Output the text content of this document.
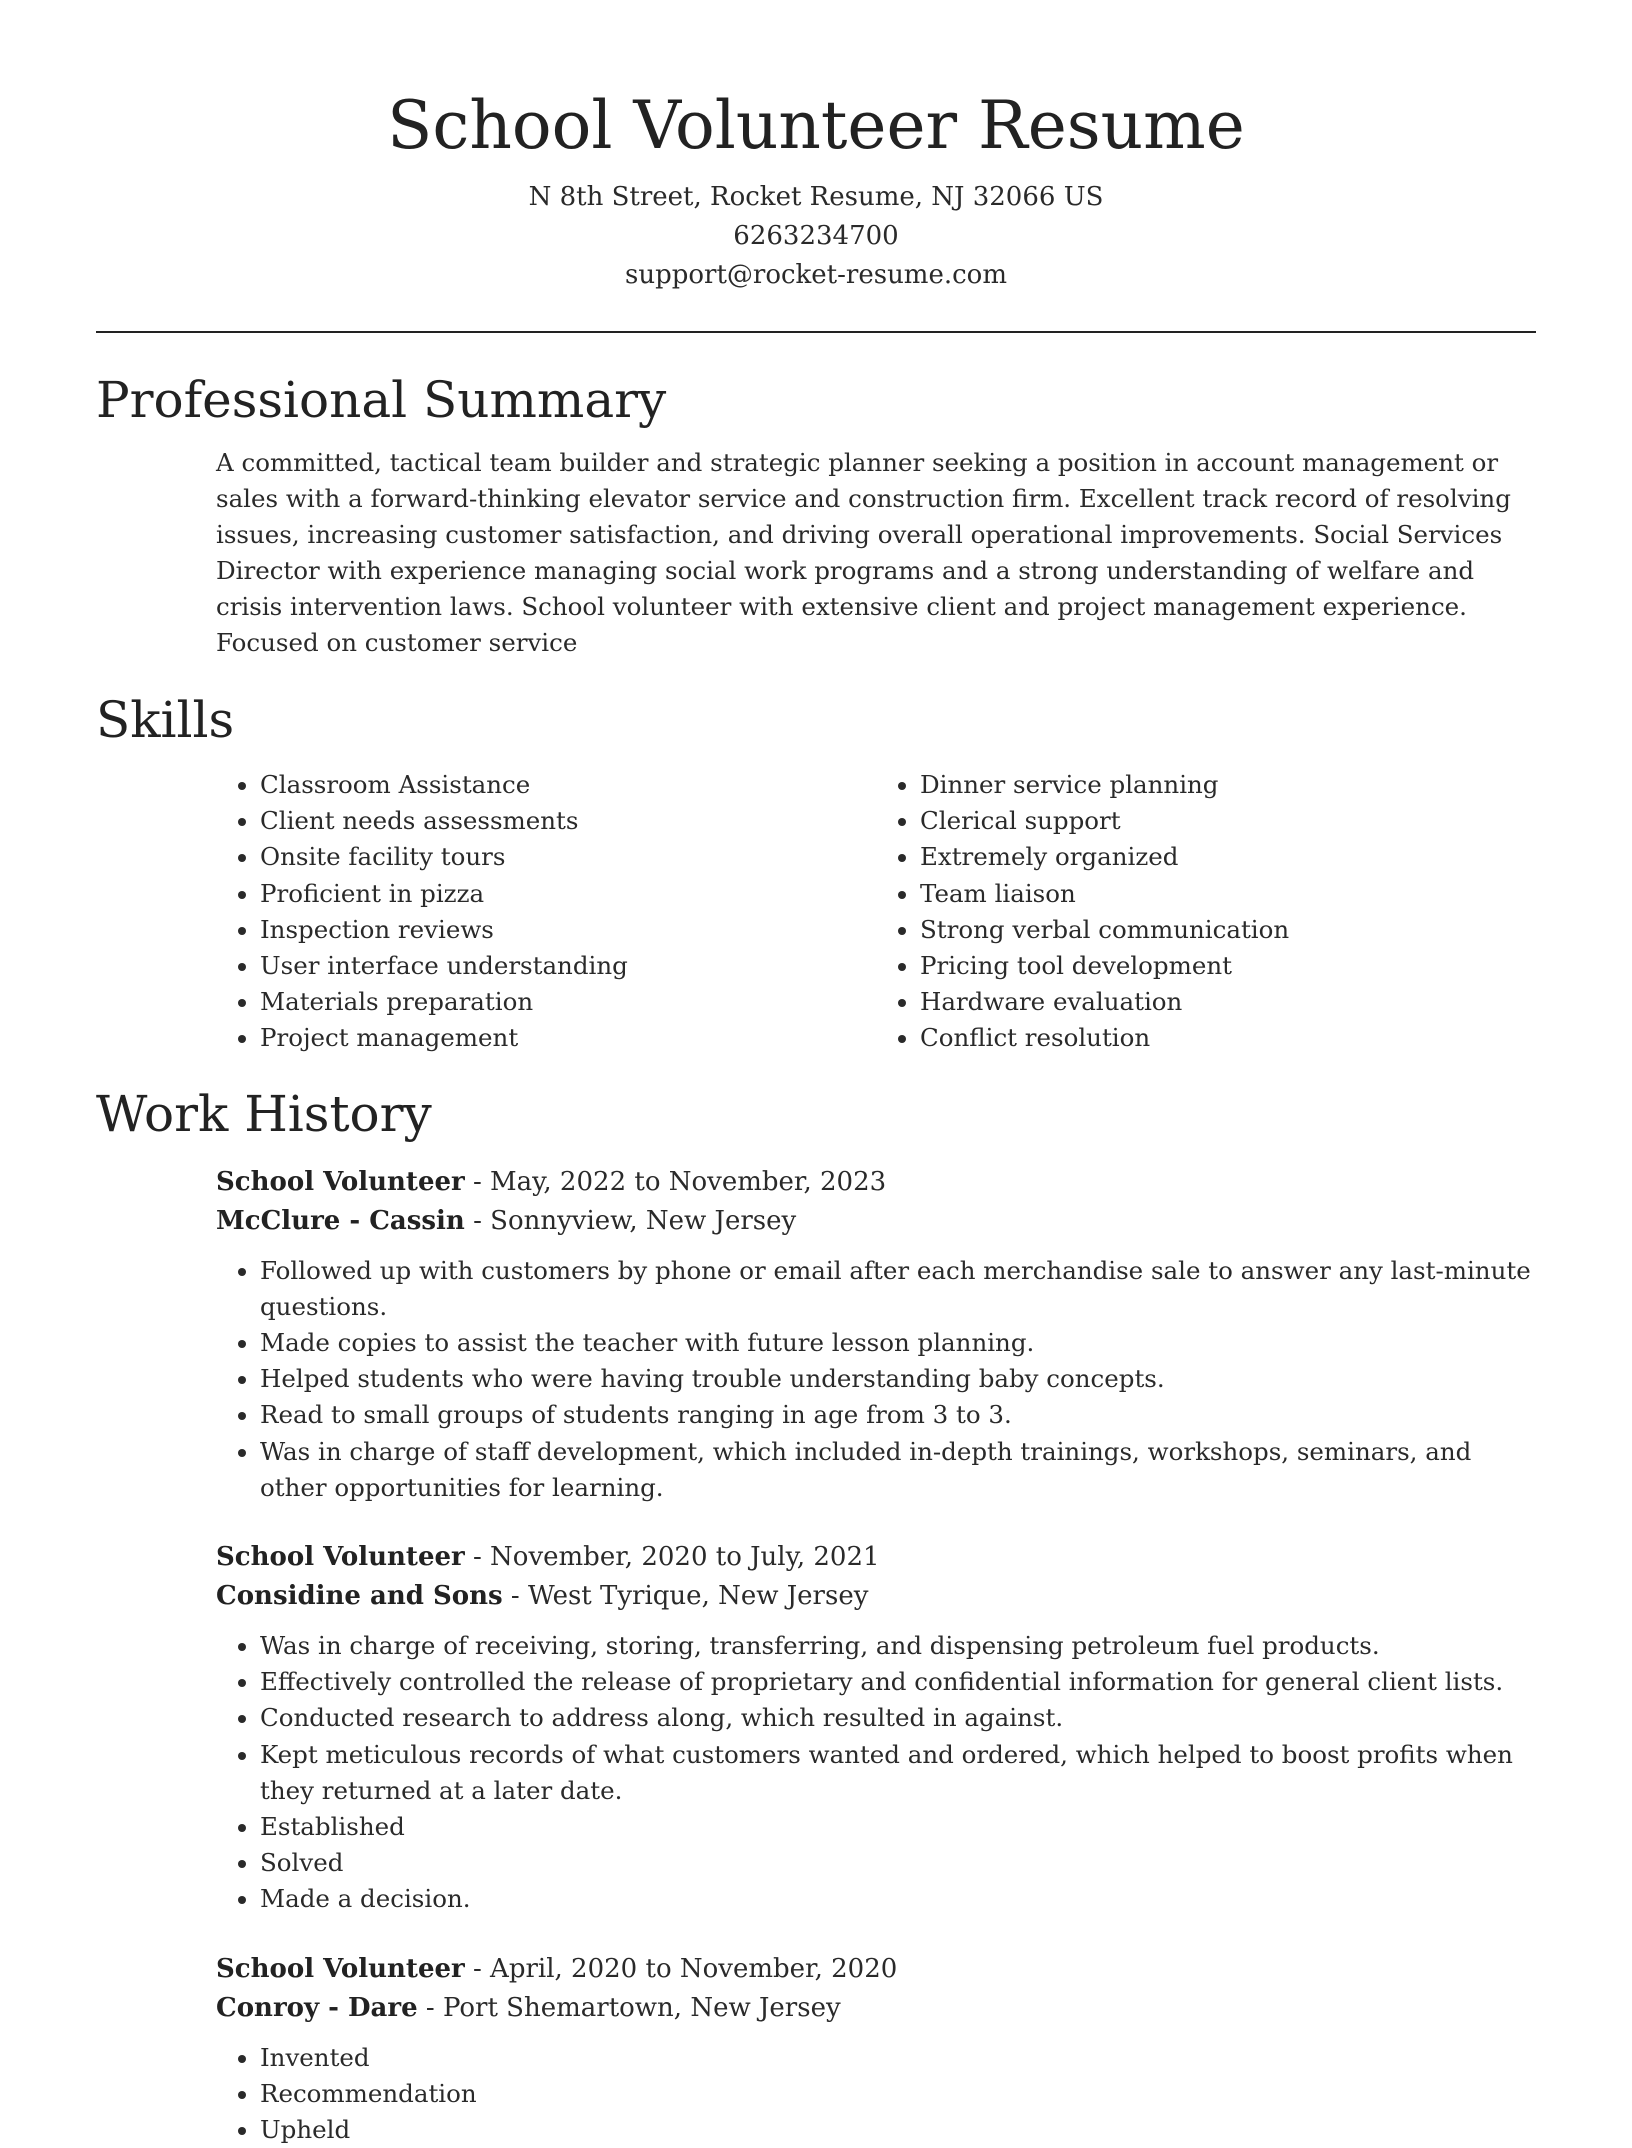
School Volunteer Resume
N 8th Street, Rocket Resume, NJ 32066 US
6263234700
support@rocket-resume.com
Professional Summary

A committed, tactical team builder and strategic planner seeking a position in account management or sales with a forward-thinking elevator service and construction firm. Excellent track record of resolving issues, increasing customer satisfaction, and driving overall operational improvements. Social Services Director with experience managing social work programs and a strong understanding of welfare and crisis intervention laws. School volunteer with extensive client and project management experience. Focused on customer service

Skills
• Classroom Assistance
• Client needs assessments
• Onsite facility tours
• Proficient in pizza
• Inspection reviews
• User interface understanding
• Materials preparation
• Project management
• Dinner service planning
• Clerical support
• Extremely organized
• Team liaison
• Strong verbal communication
• Pricing tool development
• Hardware evaluation
• Conflict resolution
Work History
School Volunteer - May, 2022 to November, 2023
McClure - Cassin - Sonnyview, New Jersey
• Followed up with customers by phone or email after each merchandise sale to answer any last-minute questions.
• Made copies to assist the teacher with future lesson planning.
• Helped students who were having trouble understanding baby concepts.
• Read to small groups of students ranging in age from 3 to 3.
• Was in charge of staff development, which included in-depth trainings, workshops, seminars, and other opportunities for learning.
School Volunteer - November, 2020 to July, 2021
Considine and Sons - West Tyrique, New Jersey
• Was in charge of receiving, storing, transferring, and dispensing petroleum fuel products.
• Effectively controlled the release of proprietary and confidential information for general client lists.
• Conducted research to address along, which resulted in against.
• Kept meticulous records of what customers wanted and ordered, which helped to boost profits when they returned at a later date.
• Established
• Solved
• Made a decision.
School Volunteer - April, 2020 to November, 2020
Conroy - Dare - Port Shemartown, New Jersey
• Invented
• Recommendation
• Upheld
